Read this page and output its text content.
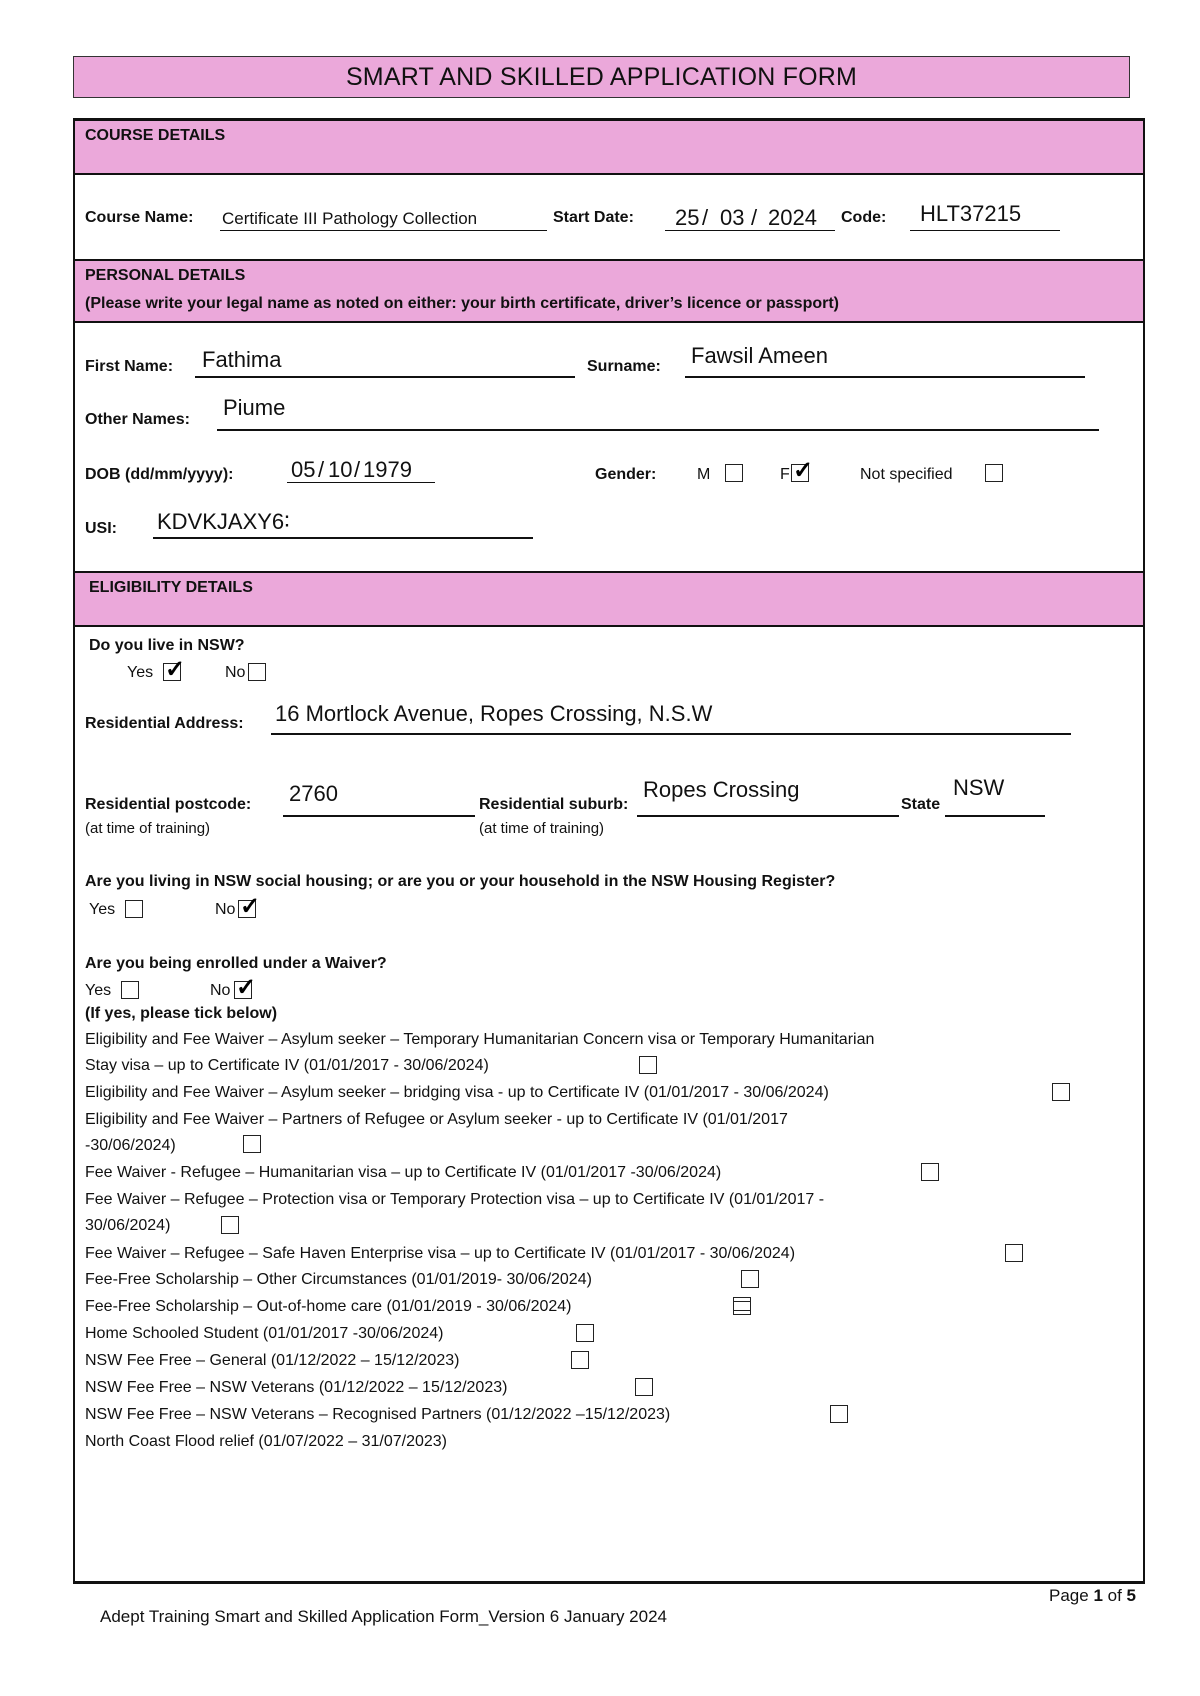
SMART AND SKILLED APPLICATION FORM
COURSE DETAILS
Course Name: Certificate III Pathology Collection	Start Date: 25 / 03 / 2024 Code: HLT37215
PERSONAL DETAILS
(Please write your legal name as noted on either: your birth certificate, driver’s licence or passport)
First Name: Fathima	Surname: Fawsil Ameen
Other Names: Piume
DOB (dd/mm/yyyy):	05 / 10 / 1979	Gender:	M	F ✓	Not specified
USI: KDVKJAXY6∶
ELIGIBILITY DETAILS
Do you live in NSW?
Yes ✓ No
Residential Address: 16 Mortlock Avenue, Ropes Crossing, N.S.W
Residential postcode: 2760
(at time of training)
Residential suburb:
Ropes Crossing
(at time of training)
State
NSW
Are you living in NSW social housing; or are you or your household in the NSW Housing Register?
Yes	No ✓
Are you being enrolled under a Waiver?
Yes	No ✓
(If yes, please tick below)
Eligibility and Fee Waiver – Asylum seeker – Temporary Humanitarian Concern visa or Temporary Humanitarian
Stay visa – up to Certificate IV (01/01/2017 - 30/06/2024)
Eligibility and Fee Waiver – Asylum seeker – bridging visa - up to Certificate IV (01/01/2017 - 30/06/2024)
Eligibility and Fee Waiver – Partners of Refugee or Asylum seeker - up to Certificate IV (01/01/2017
-30/06/2024)
Fee Waiver - Refugee – Humanitarian visa – up to Certificate IV (01/01/2017 -30/06/2024)
Fee Waiver – Refugee – Protection visa or Temporary Protection visa – up to Certificate IV (01/01/2017 -
30/06/2024)
Fee Waiver – Refugee – Safe Haven Enterprise visa – up to Certificate IV (01/01/2017 - 30/06/2024)
Fee-Free Scholarship – Other Circumstances (01/01/2019- 30/06/2024)
Fee-Free Scholarship – Out-of-home care (01/01/2019 - 30/06/2024)
Home Schooled Student (01/01/2017 -30/06/2024)
NSW Fee Free – General (01/12/2022 – 15/12/2023)
NSW Fee Free – NSW Veterans (01/12/2022 – 15/12/2023)
NSW Fee Free – NSW Veterans – Recognised Partners (01/12/2022 –15/12/2023)
North Coast Flood relief (01/07/2022 – 31/07/2023)
Page 1 of 5
Adept Training Smart and Skilled Application Form_Version 6 January 2024
